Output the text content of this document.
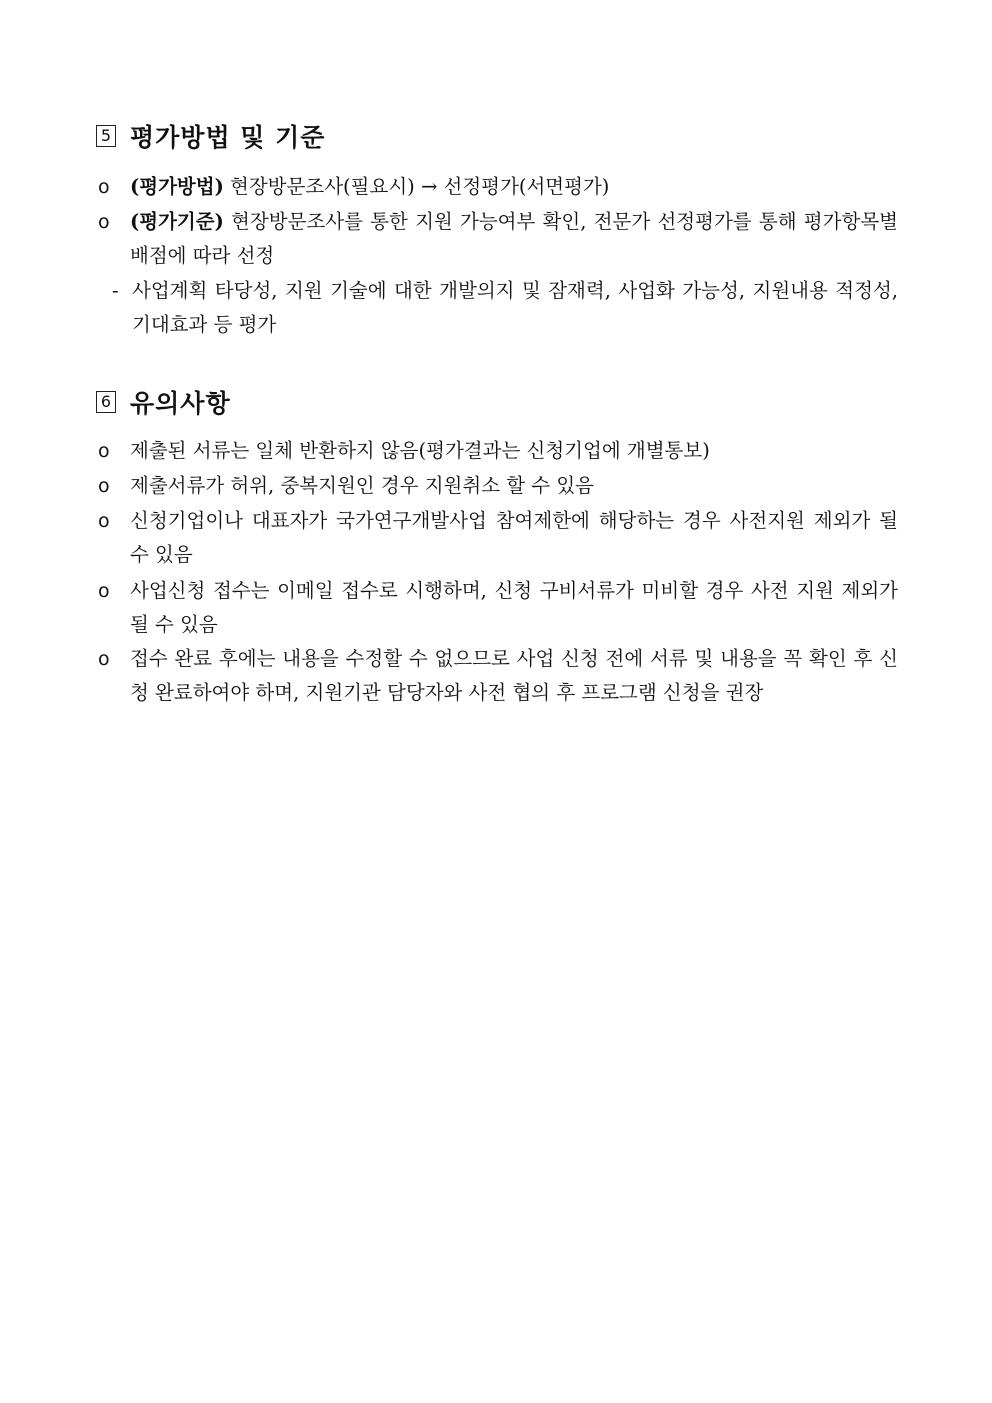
5 평가방법 및 기준
o (평가방법) 현장방문조사(필요시) → 선정평가(서면평가)
o (평가기준) 현장방문조사를 통한 지원 가능여부 확인, 전문가 선정평가를 통해 평가항목별 배점에 따라 선정
- 사업계획 타당성, 지원 기술에 대한 개발의지 및 잠재력, 사업화 가능성, 지원내용 적정성, 기대효과 등 평가
6 유의사항
o 제출된 서류는 일체 반환하지 않음(평가결과는 신청기업에 개별통보)
o 제출서류가 허위, 중복지원인 경우 지원취소 할 수 있음
o 신청기업이나 대표자가 국가연구개발사업 참여제한에 해당하는 경우 사전지원 제외가 될 수 있음
o 사업신청 접수는 이메일 접수로 시행하며, 신청 구비서류가 미비할 경우 사전 지원 제외가 될 수 있음
o 접수 완료 후에는 내용을 수정할 수 없으므로 사업 신청 전에 서류 및 내용을 꼭 확인 후 신청 완료하여야 하며, 지원기관 담당자와 사전 협의 후 프로그램 신청을 권장
